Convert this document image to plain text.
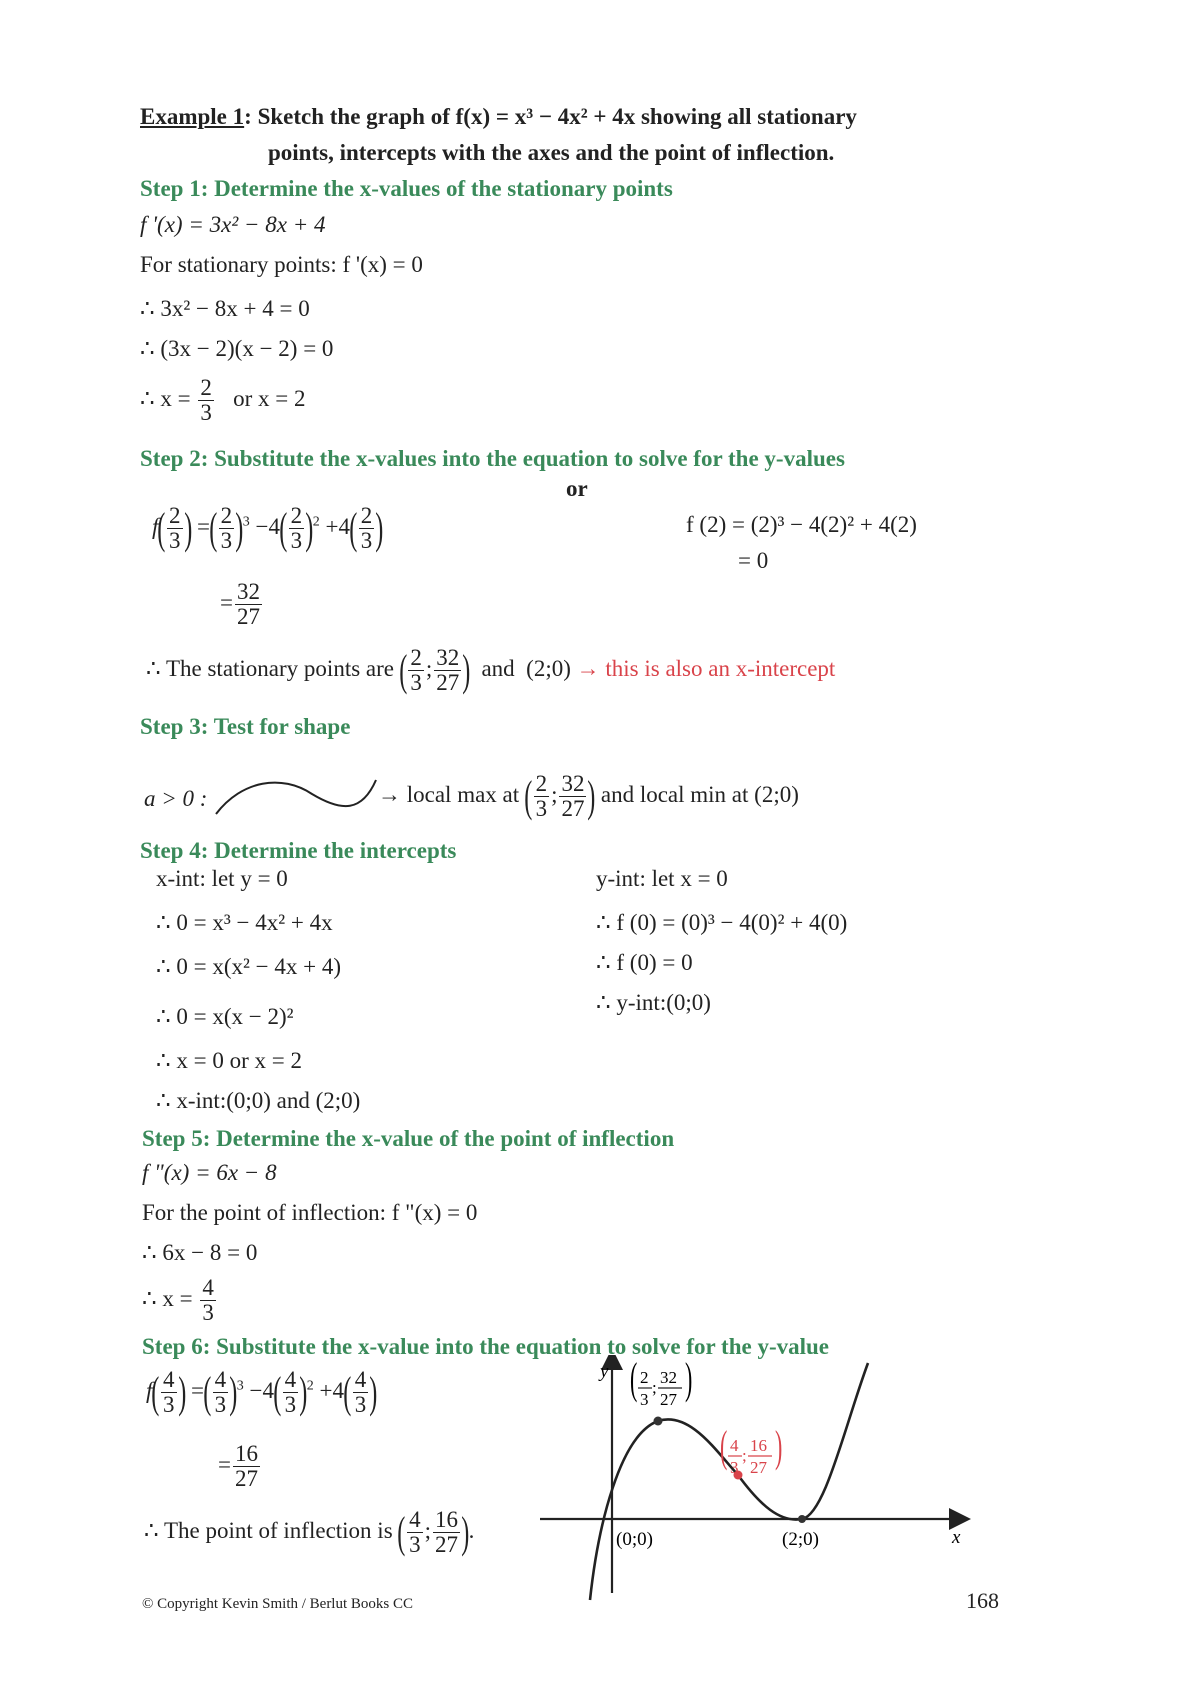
Example 1: Sketch the graph of f(x) = x³ − 4x² + 4x showing all stationary
points, intercepts with the axes and the point of inflection.
Step 1: Determine the x-values of the stationary points
f '(x) = 3x² − 8x + 4
For stationary points: f '(x) = 0
∴ 3x² − 8x + 4 = 0
∴ (3x − 2)(x − 2) = 0
∴ $x = \frac{2}{3}$ or x = 2
Step 2: Substitute the x-values into the equation to solve for the y-values
or
$f( \frac{2}{3}$ ) =( $\frac{2}{3} )^3 -4( \frac{2}{3} )^2 +4( \frac{2}{3}$ )
= $\frac{32}{27}$
f (2) = (2)³ − 4(2)² + 4(2)
= 0
∴ The stationary points are ( $\frac{2}{3}$ ; $\frac{32}{27}$ ) and (2;0) → this is also an x-intercept
Step 3: Test for shape
a > 0 :	→ local max at ( $\frac{2}{3}$ ; $\frac{32}{27}$ ) and local min at (2;0)
Step 4: Determine the intercepts
x-int: let y = 0
∴ 0 = x³ − 4x² + 4x
∴ 0 = x(x² − 4x + 4)
∴ 0 = x(x − 2)²
∴ x = 0 or x = 2
∴ x-int:(0;0) and (2;0)
y-int: let x = 0
∴ f (0) = (0)³ − 4(0)² + 4(0)
∴ f (0) = 0
∴ y-int:(0;0)
Step 5: Determine the x-value of the point of inflection
f "(x) = 6x − 8
For the point of inflection: f "(x) = 0
∴ 6x − 8 = 0
∴ $x = \frac{4}{3}$
Step 6: Substitute the x-value into the equation to solve for the y-value
$f( \frac{4}{3}$ ) =( $\frac{4}{3} )^3 -4( \frac{4}{3} )^2 +4( \frac{4}{3}$ )
= $\frac{16}{27}$
∴ The point of inflection is ( $\frac{4}{3}$ ; $\frac{16}{27}$ ).
y
x
(0;0)	(2;0)
( 2
3
;
32
27 )
( 4
3
;
16
27 )
© Copyright Kevin Smith / Berlut Books CC	168
